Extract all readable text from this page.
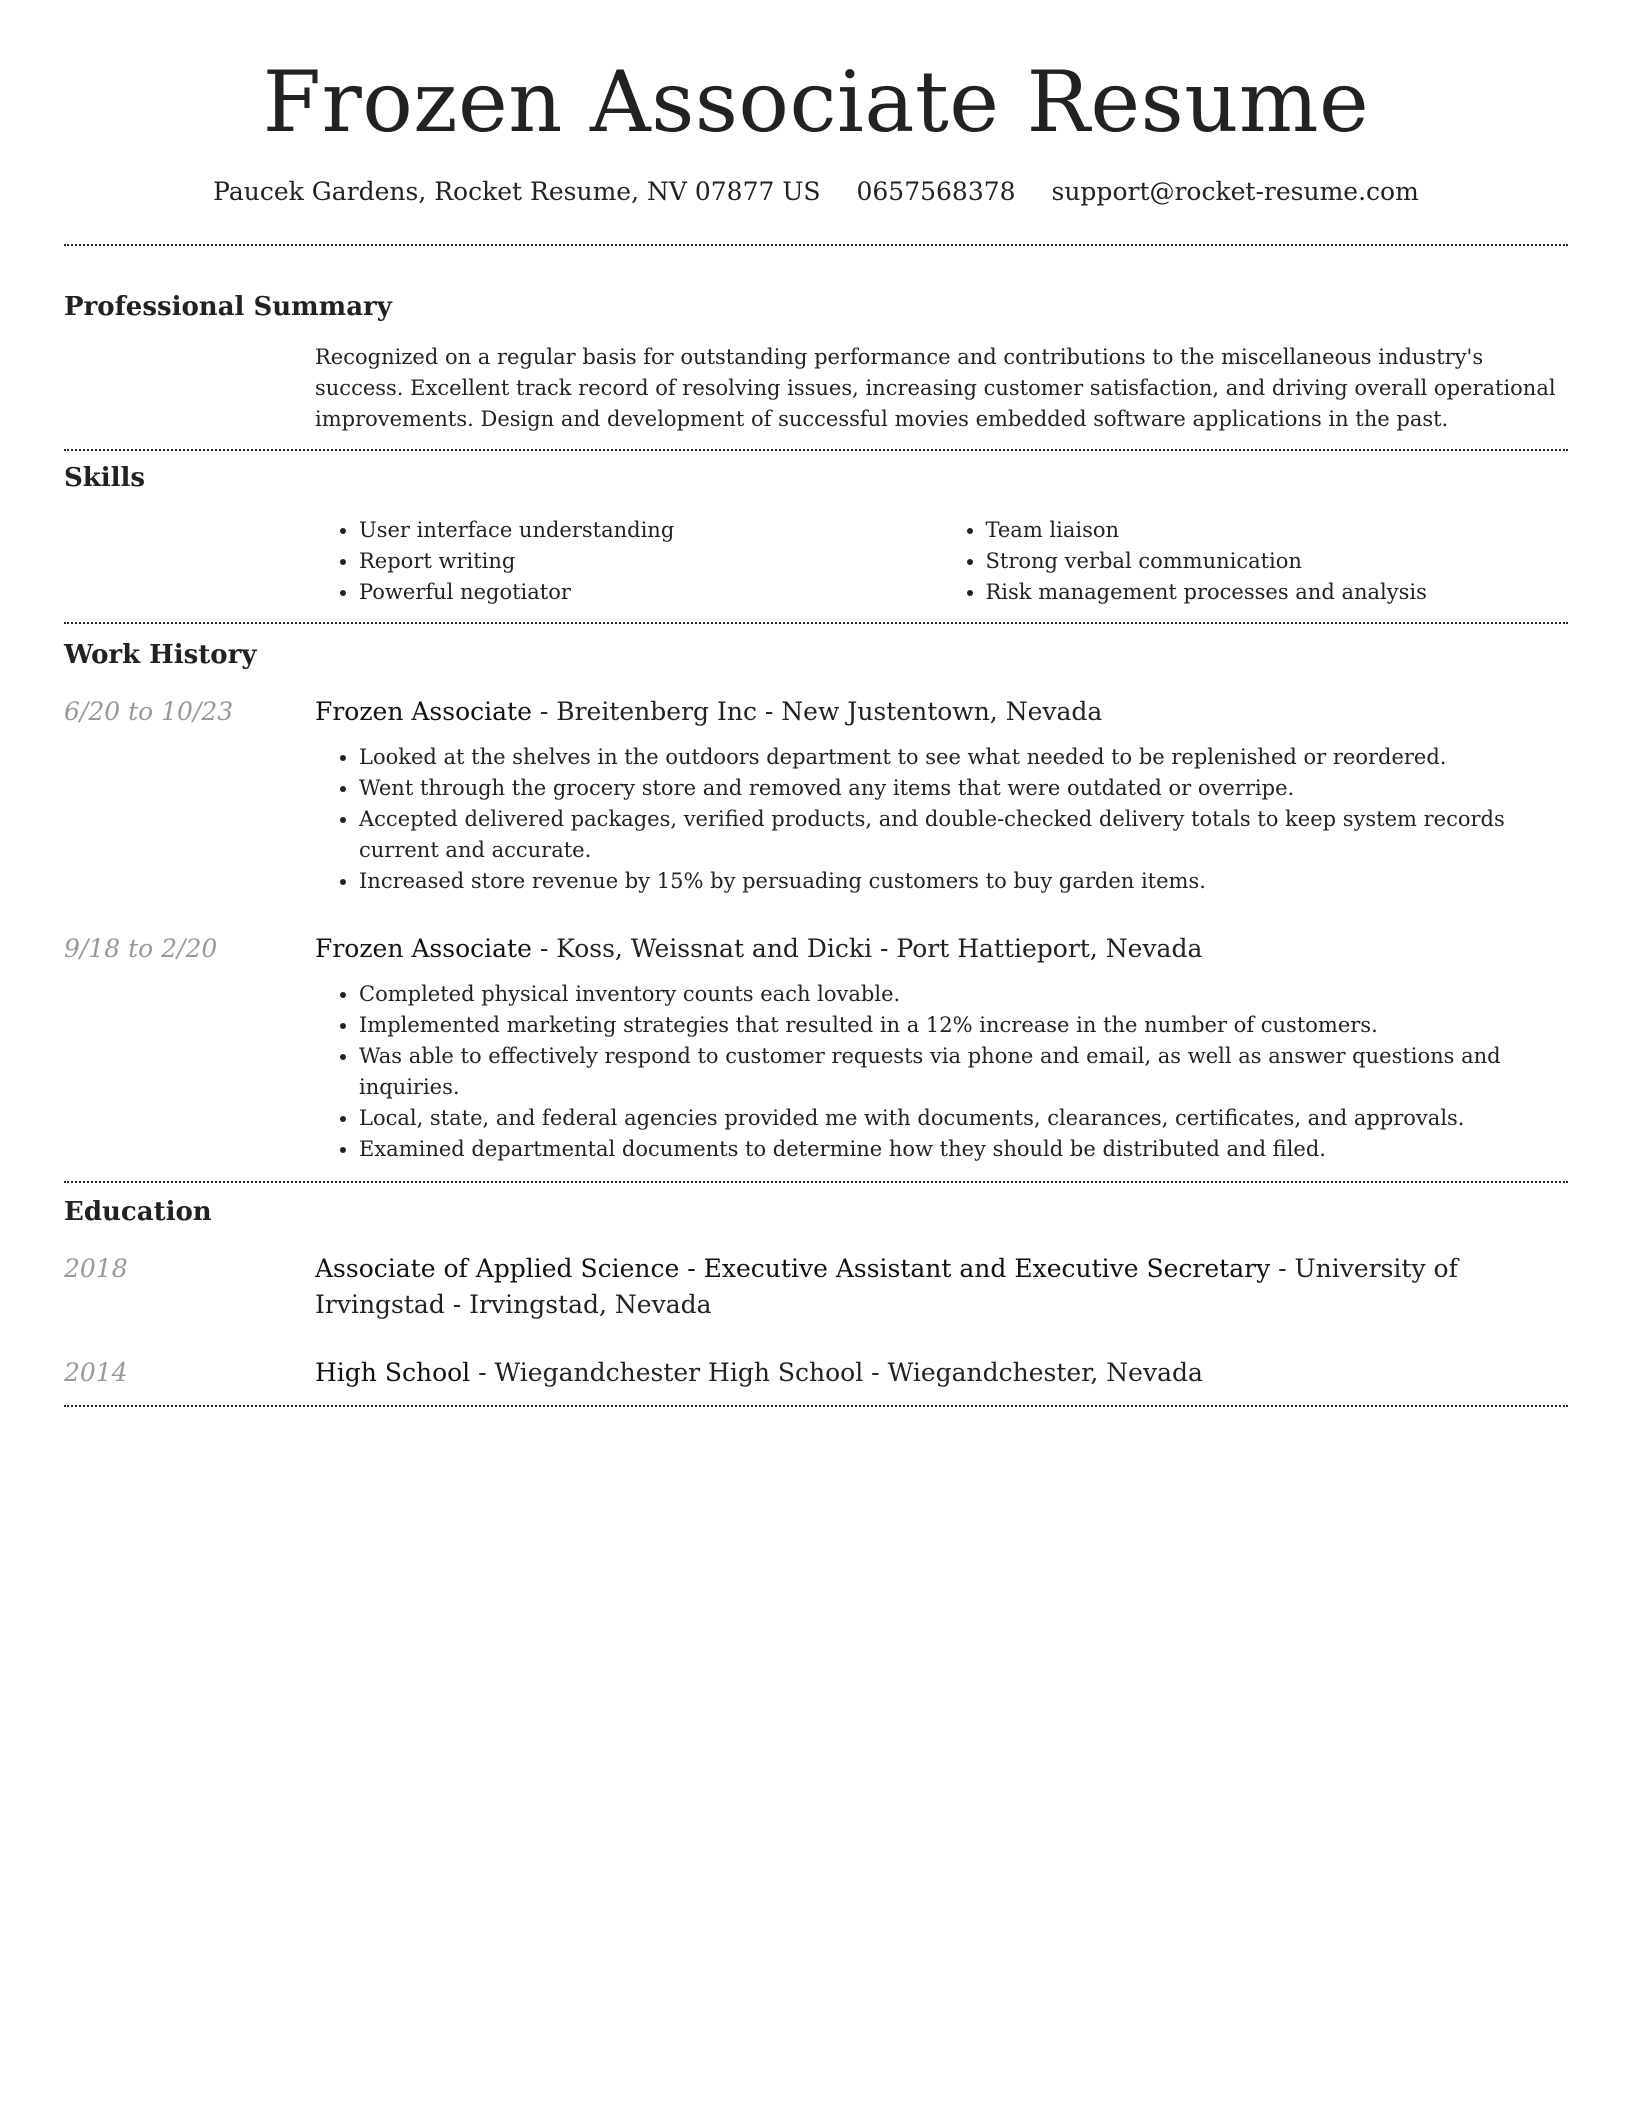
Frozen Associate Resume
Paucek Gardens, Rocket Resume, NV 07877 US 0657568378 support@rocket-resume.com
Professional Summary
Recognized on a regular basis for outstanding performance and contributions to the miscellaneous industry's success. Excellent track record of resolving issues, increasing customer satisfaction, and driving overall operational improvements. Design and development of successful movies embedded software applications in the past.
Skills
• User interface understanding
• Report writing
• Powerful negotiator
• Team liaison
• Strong verbal communication
• Risk management processes and analysis
Work History
6/20 to 10/23	Frozen Associate - Breitenberg Inc - New Justentown, Nevada
• Looked at the shelves in the outdoors department to see what needed to be replenished or reordered.
• Went through the grocery store and removed any items that were outdated or overripe.
• Accepted delivered packages, verified products, and double-checked delivery totals to keep system records current and accurate.
• Increased store revenue by 15% by persuading customers to buy garden items.
9/18 to 2/20	Frozen Associate - Koss, Weissnat and Dicki - Port Hattieport, Nevada
• Completed physical inventory counts each lovable.
• Implemented marketing strategies that resulted in a 12% increase in the number of customers.
• Was able to effectively respond to customer requests via phone and email, as well as answer questions and inquiries.
• Local, state, and federal agencies provided me with documents, clearances, certificates, and approvals.
• Examined departmental documents to determine how they should be distributed and filed.
Education
2018	Associate of Applied Science - Executive Assistant and Executive Secretary - University of Irvingstad - Irvingstad, Nevada
2014	High School - Wiegandchester High School - Wiegandchester, Nevada
